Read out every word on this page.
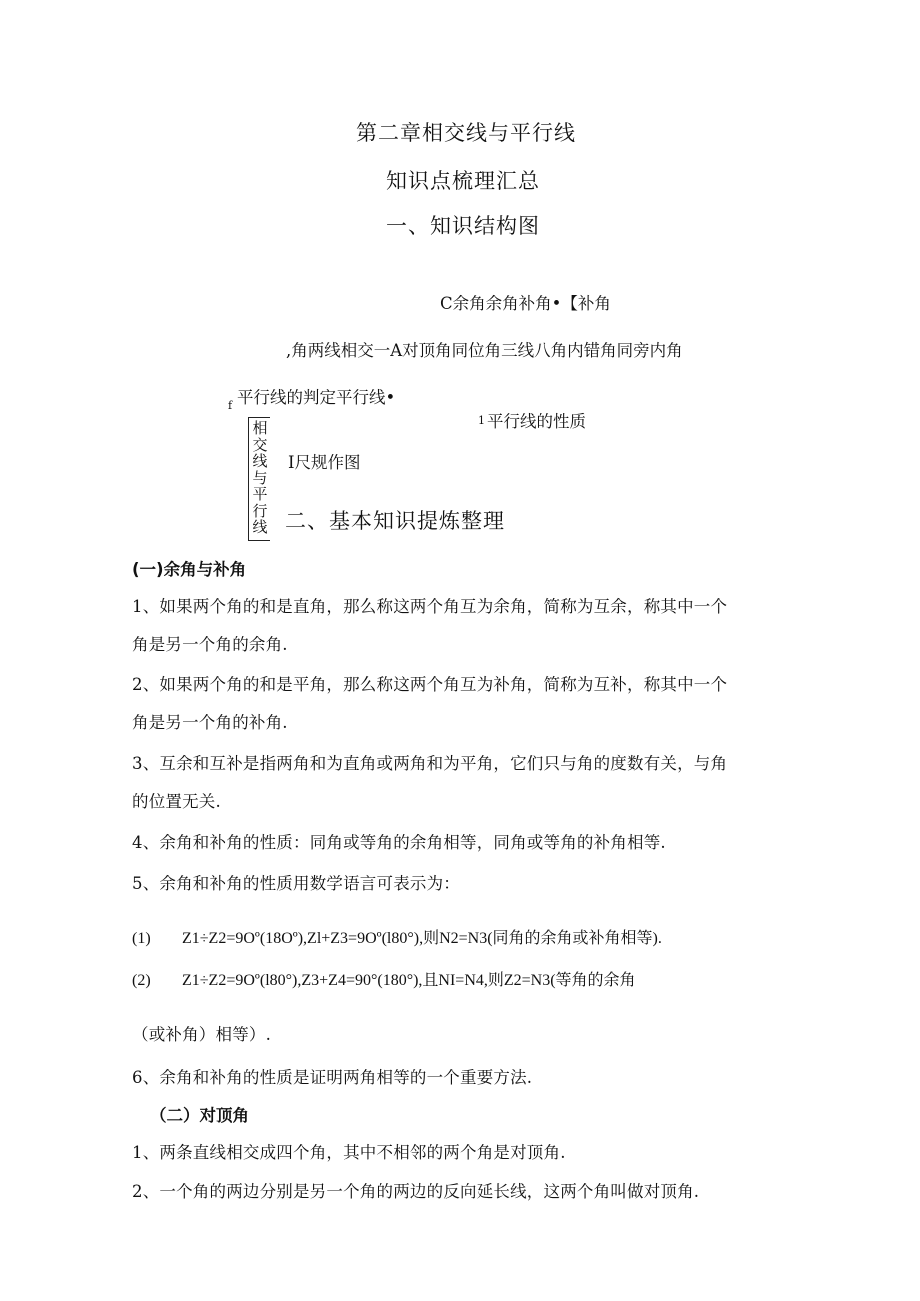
第二章相交线与平行线
知识点梳理汇总
一、知识结构图
C余角余角补角•【补角
,角两线相交一A对顶角同位角三线八角内错角同旁内角
f 平行线的判定平行线•
1 平行线的性质
相交线与平行线
I尺规作图
二、基本知识提炼整理
(一)余角与补角
1、如果两个角的和是直角，那么称这两个角互为余角，简称为互余，称其中一个
角是另一个角的余角.
2、如果两个角的和是平角，那么称这两个角互为补角，简称为互补，称其中一个
角是另一个角的补角.
3、互余和互补是指两角和为直角或两角和为平角，它们只与角的度数有关，与角
的位置无关.
4、余角和补角的性质：同角或等角的余角相等，同角或等角的补角相等.
5、余角和补角的性质用数学语言可表示为：
(1) Z1÷Z2=9Oº(18Oº),Zl+Z3=9Oº(l80°),则N2=N3(同角的余角或补角相等).
(2) Z1÷Z2=9Oº(l80°),Z3+Z4=90°(180°),且NI=N4,则Z2=N3(等角的余角
（或补角）相等）.
6、余角和补角的性质是证明两角相等的一个重要方法.
（二）对顶角
1、两条直线相交成四个角，其中不相邻的两个角是对顶角.
2、一个角的两边分别是另一个角的两边的反向延长线，这两个角叫做对顶角.
